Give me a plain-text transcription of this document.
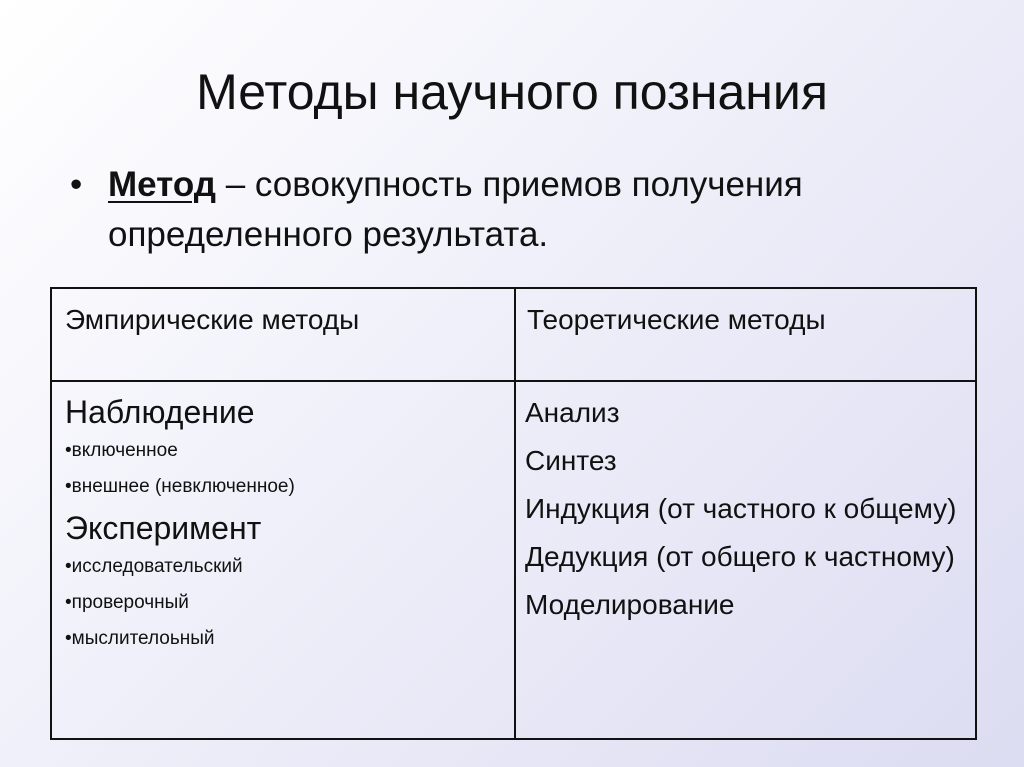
Методы научного познания
• Метод – совокупность приемов получения определенного результата.
Эмпирические методы	Теоретические методы
Наблюдение
•включенное
•внешнее (невключенное)
Эксперимент
•исследовательский
•проверочный
•мыслителоьный
Анализ
Синтез
Индукция (от частного к общему)
Дедукция (от общего к частному)
Моделирование
